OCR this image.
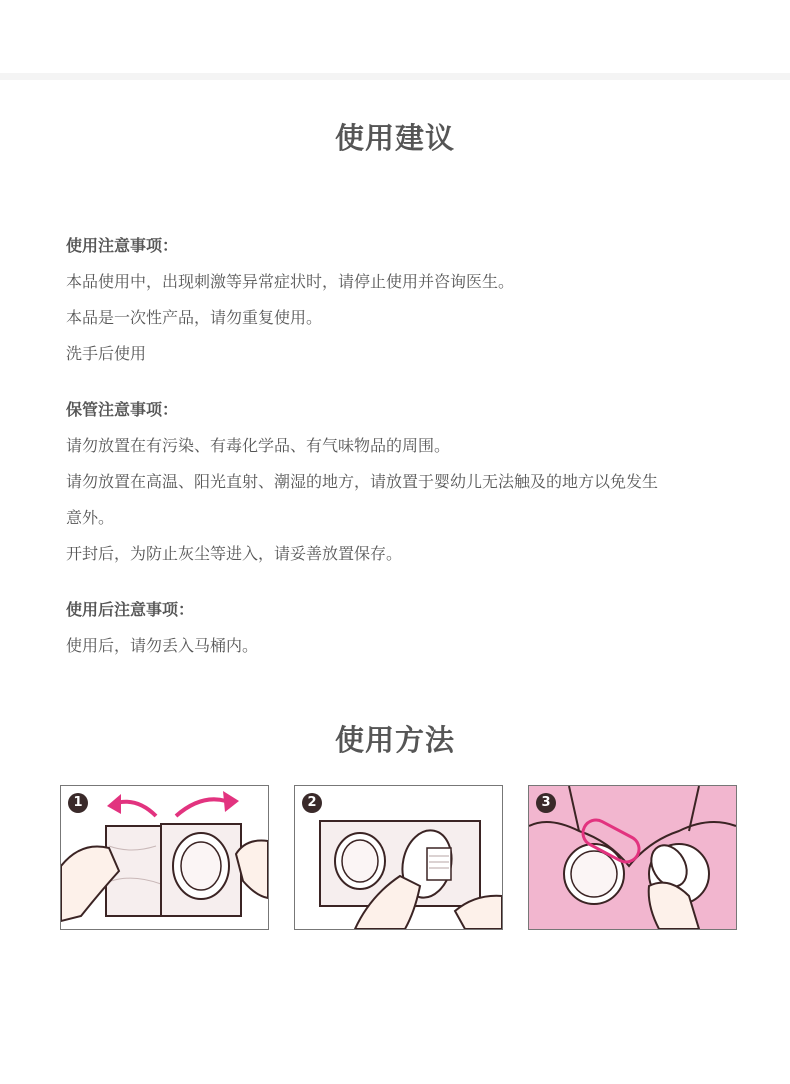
使用建议
使用注意事项：
本品使用中，出现刺激等异常症状时，请停止使用并咨询医生。
本品是一次性产品，请勿重复使用。
洗手后使用
保管注意事项：
请勿放置在有污染、有毒化学品、有气味物品的周围。
请勿放置在高温、阳光直射、潮湿的地方，请放置于婴幼儿无法触及的地方以免发生
意外。
开封后，为防止灰尘等进入，请妥善放置保存。
使用后注意事项：
使用后，请勿丢入马桶内。
使用方法
1	2	3
